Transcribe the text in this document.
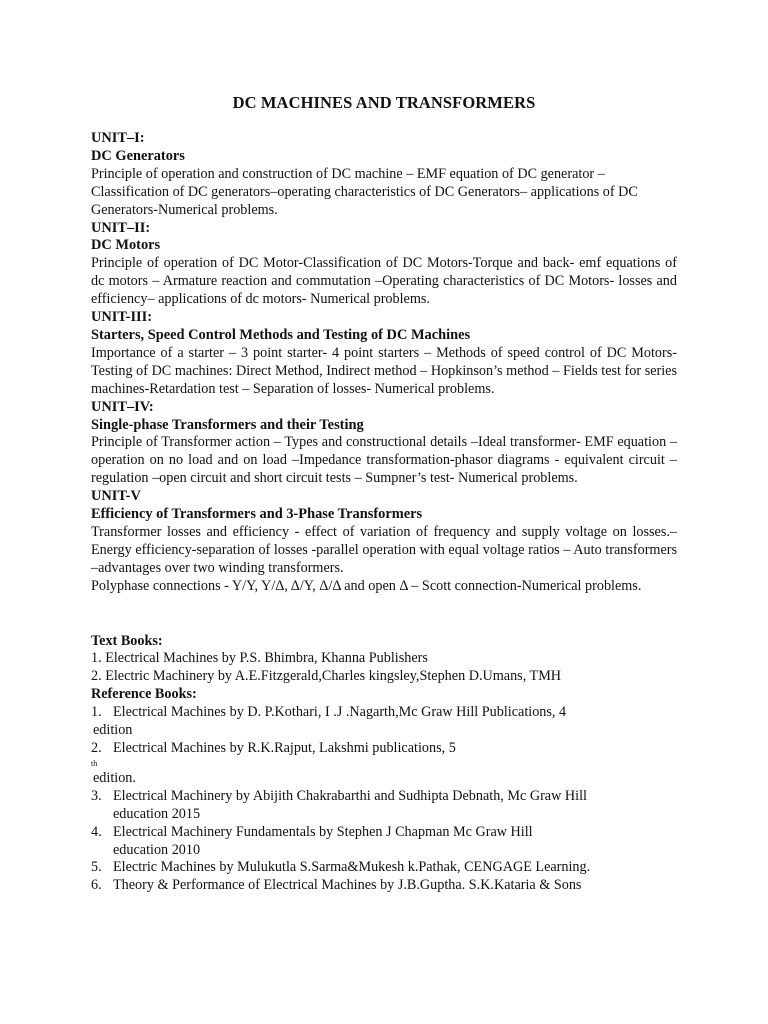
DC MACHINES AND TRANSFORMERS
UNIT–I:
DC Generators
Principle of operation and construction of DC machine – EMF equation of DC generator – Classification of DC generators–operating characteristics of DC Generators– applications of DC Generators-Numerical problems.
UNIT–II:
DC Motors
Principle of operation of DC Motor-Classification of DC Motors-Torque and back- emf equations of dc motors – Armature reaction and commutation –Operating characteristics of DC Motors- losses and efficiency– applications of dc motors- Numerical problems.
UNIT-III:
Starters, Speed Control Methods and Testing of DC Machines
Importance of a starter – 3 point starter- 4 point starters – Methods of speed control of DC Motors-Testing of DC machines: Direct Method, Indirect method – Hopkinson’s method – Fields test for series machines-Retardation test – Separation of losses- Numerical problems.
UNIT–IV:
Single-phase Transformers and their Testing
Principle of Transformer action – Types and constructional details –Ideal transformer- EMF equation – operation on no load and on load –Impedance transformation-phasor diagrams - equivalent circuit – regulation –open circuit and short circuit tests – Sumpner’s test- Numerical problems.
UNIT-V
Efficiency of Transformers and 3-Phase Transformers
Transformer losses and efficiency - effect of variation of frequency and supply voltage on losses.– Energy efficiency-separation of losses -parallel operation with equal voltage ratios – Auto transformers –advantages over two winding transformers.
Polyphase connections - Y/Y, Y/Δ, Δ/Y, Δ/Δ and open Δ – Scott connection-Numerical problems.
Text Books:
1. Electrical Machines by P.S. Bhimbra, Khanna Publishers
2. Electric Machinery by A.E.Fitzgerald,Charles kingsley,Stephen D.Umans, TMH
Reference Books:
1. Electrical Machines by D. P.Kothari, I .J .Nagarth,Mc Graw Hill Publications, 4
edition
2. Electrical Machines by R.K.Rajput, Lakshmi publications, 5
th
edition.
3. Electrical Machinery by Abijith Chakrabarthi and Sudhipta Debnath, Mc Graw Hill
education 2015
4. Electrical Machinery Fundamentals by Stephen J Chapman Mc Graw Hill
education 2010
5. Electric Machines by Mulukutla S.Sarma&Mukesh k.Pathak, CENGAGE Learning.
6. Theory & Performance of Electrical Machines by J.B.Guptha. S.K.Kataria & Sons
